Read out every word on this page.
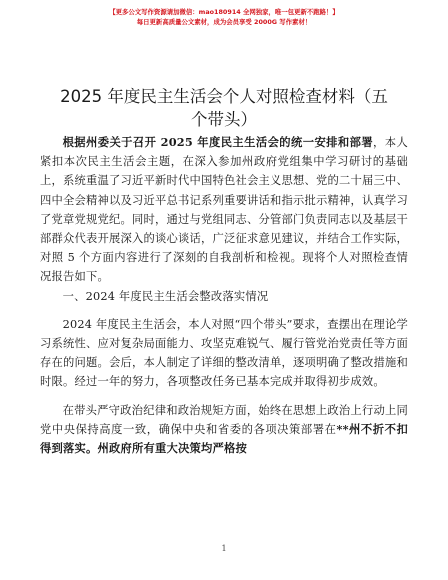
【更多公文写作资源请加微信：mao180914 全网独家，唯一包更新不跑路！】
每日更新高质量公文素材，成为会员享受 2000G 写作素材！
2025 年度民主生活会个人对照检查材料（五个带头）

根据州委关于召开 2025 年度民主生活会的统一安排和部署，本人紧扣本次民主生活会主题，在深入参加州政府党组集中学习研讨的基础上，系统重温了习近平新时代中国特色社会主义思想、党的二十届三中、四中全会精神以及习近平总书记系列重要讲话和指示批示精神，认真学习了党章党规党纪。同时，通过与党组同志、分管部门负责同志以及基层干部群众代表开展深入的谈心谈话，广泛征求意见建议，并结合工作实际，对照 5 个方面内容进行了深刻的自我剖析和检视。现将个人对照检查情况报告如下。

一、2024 年度民主生活会整改落实情况

2024 年度民主生活会，本人对照“四个带头”要求，查摆出在理论学习系统性、应对复杂局面能力、攻坚克难锐气、履行管党治党责任等方面存在的问题。会后，本人制定了详细的整改清单，逐项明确了整改措施和时限。经过一年的努力，各项整改任务已基本完成并取得初步成效。

在带头严守政治纪律和政治规矩方面，始终在思想上政治上行动上同党中央保持高度一致，确保中央和省委的各项决策部署在**州不折不扣得到落实。州政府所有重大决策均严格按

1
